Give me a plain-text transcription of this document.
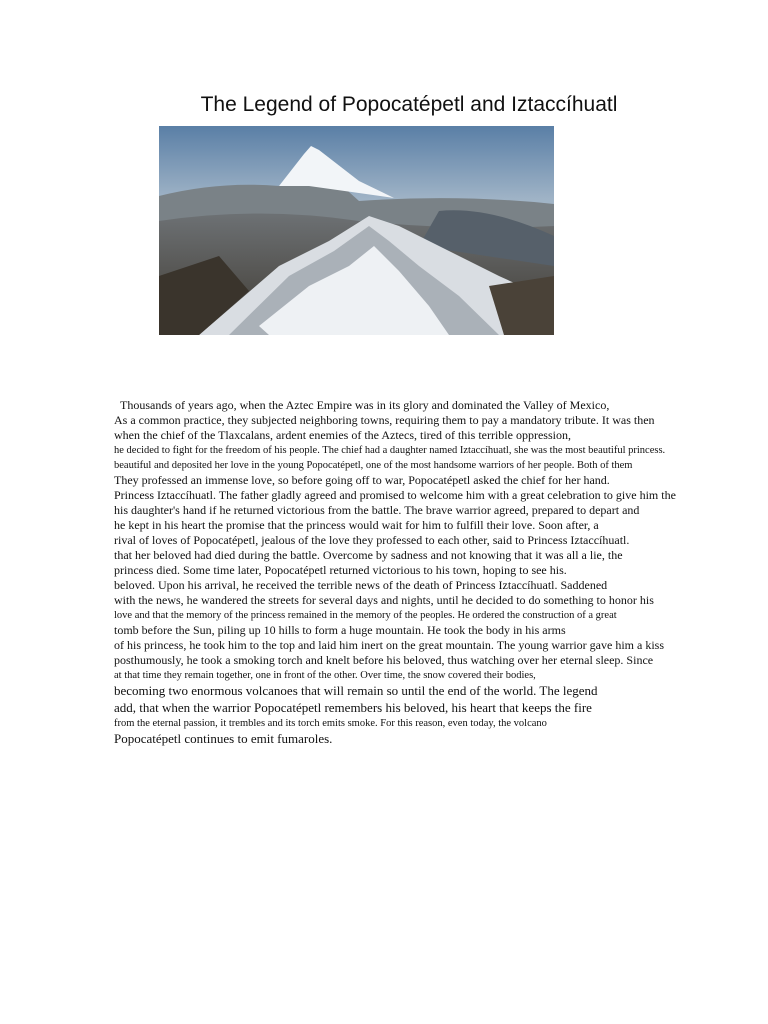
The Legend of Popocatépetl and Iztaccíhuatl

Thousands of years ago, when the Aztec Empire was in its glory and dominated the Valley of Mexico,

As a common practice, they subjected neighboring towns, requiring them to pay a mandatory tribute. It was then

when the chief of the Tlaxcalans, ardent enemies of the Aztecs, tired of this terrible oppression,

he decided to fight for the freedom of his people. The chief had a daughter named Iztaccíhuatl, she was the most beautiful princess.

beautiful and deposited her love in the young Popocatépetl, one of the most handsome warriors of her people. Both of them

They professed an immense love, so before going off to war, Popocatépetl asked the chief for her hand.

Princess Iztaccíhuatl. The father gladly agreed and promised to welcome him with a great celebration to give him the

his daughter's hand if he returned victorious from the battle. The brave warrior agreed, prepared to depart and

he kept in his heart the promise that the princess would wait for him to fulfill their love. Soon after, a

rival of loves of Popocatépetl, jealous of the love they professed to each other, said to Princess Iztaccíhuatl.

that her beloved had died during the battle. Overcome by sadness and not knowing that it was all a lie, the

princess died. Some time later, Popocatépetl returned victorious to his town, hoping to see his.

beloved. Upon his arrival, he received the terrible news of the death of Princess Iztaccíhuatl. Saddened

with the news, he wandered the streets for several days and nights, until he decided to do something to honor his

love and that the memory of the princess remained in the memory of the peoples. He ordered the construction of a great

tomb before the Sun, piling up 10 hills to form a huge mountain. He took the body in his arms

of his princess, he took him to the top and laid him inert on the great mountain. The young warrior gave him a kiss

posthumously, he took a smoking torch and knelt before his beloved, thus watching over her eternal sleep. Since

at that time they remain together, one in front of the other. Over time, the snow covered their bodies,

becoming two enormous volcanoes that will remain so until the end of the world. The legend

add, that when the warrior Popocatépetl remembers his beloved, his heart that keeps the fire

from the eternal passion, it trembles and its torch emits smoke. For this reason, even today, the volcano

Popocatépetl continues to emit fumaroles.
